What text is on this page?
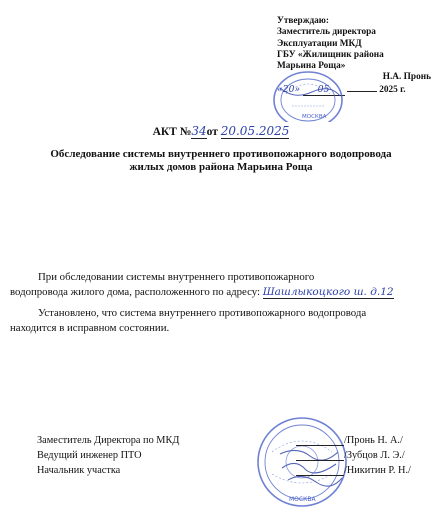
Утверждаю:
Заместитель директора
Эксплуатации МКД
ГБУ «Жилищник района
Марьина Роща»
Н.А. Пронь
«20» 05	2025 г.
МОСКВА
АКТ №34от 20.05.2025
Обследование системы внутреннего противопожарного водопровода
жилых домов района Марьина Роща
При обследовании системы внутреннего противопожарного
водопровода жилого дома, расположенного по адресу: Шашлыкоцкого ш. д.12
Установлено, что система внутреннего противопожарного водопровода
находится в исправном состоянии.
МОСКВА
Заместитель Директора по МКД	/Пронь Н. А./
Ведущий инженер ПТО	/Зубцов Л. Э./
Начальник участка	/Никитин Р. Н./
